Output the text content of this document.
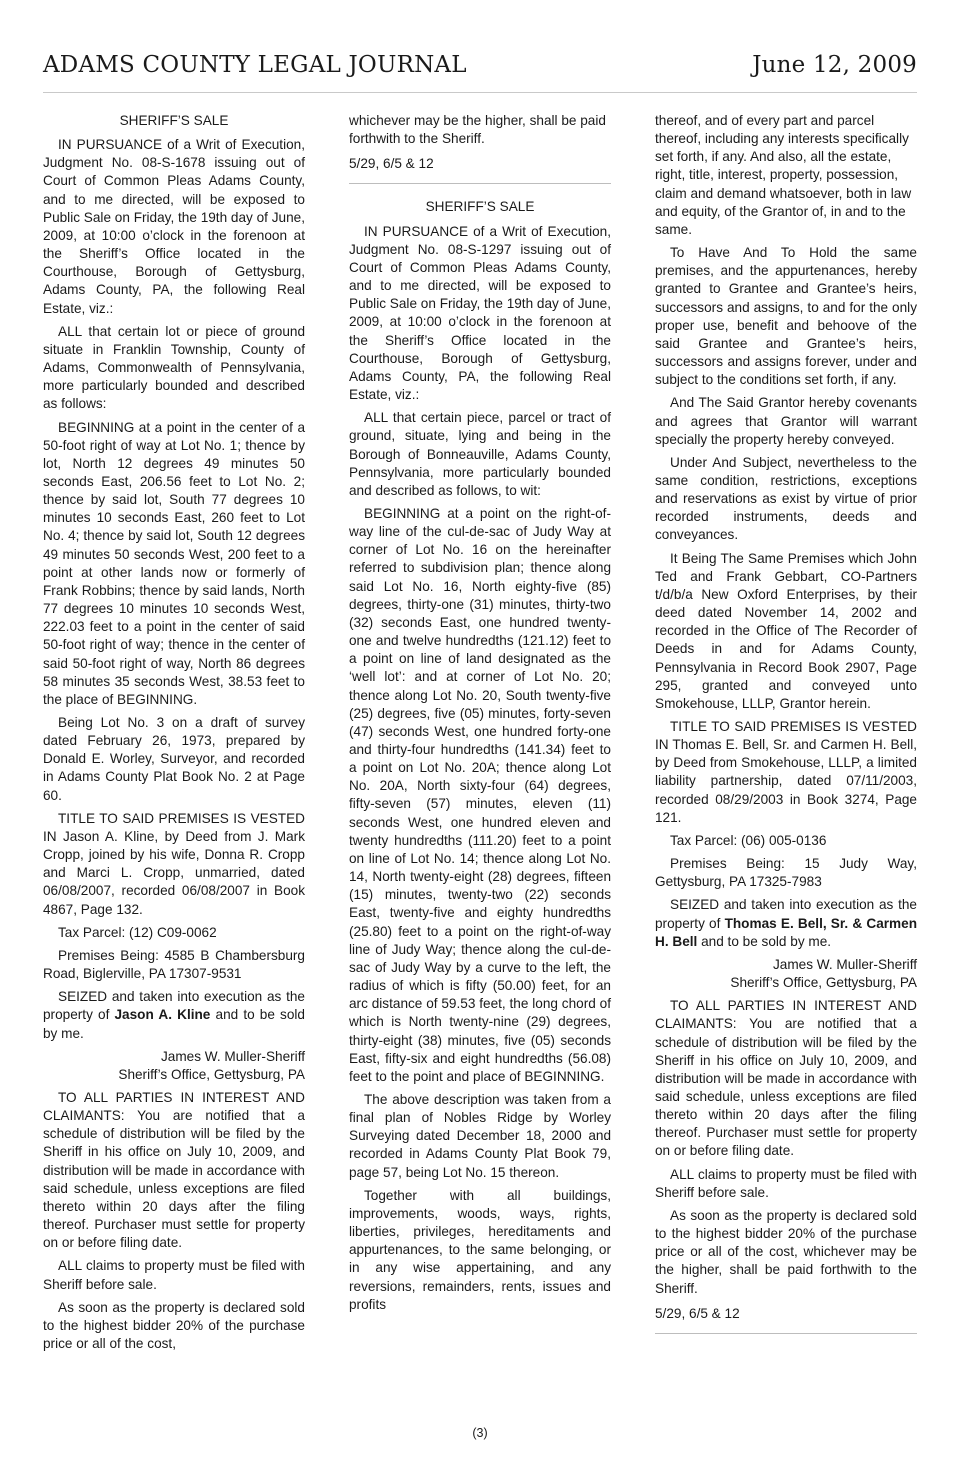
ADAMS COUNTY LEGAL JOURNAL	June 12, 2009

SHERIFF’S SALE

IN PURSUANCE of a Writ of Execution, Judgment No. 08-S-1678 issuing out of Court of Common Pleas Adams County, and to me directed, will be exposed to Public Sale on Friday, the 19th day of June, 2009, at 10:00 o’clock in the forenoon at the Sheriff’s Office located in the Courthouse, Borough of Gettysburg, Adams County, PA, the following Real Estate, viz.:

ALL that certain lot or piece of ground situate in Franklin Township, County of Adams, Commonwealth of Pennsylvania, more particularly bounded and described as follows:

BEGINNING at a point in the center of a 50-foot right of way at Lot No. 1; thence by lot, North 12 degrees 49 minutes 50 seconds East, 206.56 feet to Lot No. 2; thence by said lot, South 77 degrees 10 minutes 10 seconds East, 260 feet to Lot No. 4; thence by said lot, South 12 degrees 49 minutes 50 seconds West, 200 feet to a point at other lands now or formerly of Frank Robbins; thence by said lands, North 77 degrees 10 minutes 10 seconds West, 222.03 feet to a point in the center of said 50-foot right of way; thence in the center of said 50-foot right of way, North 86 degrees 58 minutes 35 seconds West, 38.53 feet to the place of BEGINNING.

Being Lot No. 3 on a draft of survey dated February 26, 1973, prepared by Donald E. Worley, Surveyor, and recorded in Adams County Plat Book No. 2 at Page 60.

TITLE TO SAID PREMISES IS VESTED IN Jason A. Kline, by Deed from J. Mark Cropp, joined by his wife, Donna R. Cropp and Marci L. Cropp, unmarried, dated 06/08/2007, recorded 06/08/2007 in Book 4867, Page 132.

Tax Parcel: (12) C09-0062

Premises Being: 4585 B Chambersburg Road, Biglerville, PA 17307-9531

SEIZED and taken into execution as the property of Jason A. Kline and to be sold by me.

James W. Muller-Sheriff

Sheriff’s Office, Gettysburg, PA

TO ALL PARTIES IN INTEREST AND CLAIMANTS: You are notified that a schedule of distribution will be filed by the Sheriff in his office on July 10, 2009, and distribution will be made in accordance with said schedule, unless exceptions are filed thereto within 20 days after the filing thereof. Purchaser must settle for property on or before filing date.

ALL claims to property must be filed with Sheriff before sale.

As soon as the property is declared sold to the highest bidder 20% of the purchase price or all of the cost,

whichever may be the higher, shall be paid forthwith to the Sheriff.

5/29, 6/5 & 12

SHERIFF’S SALE

IN PURSUANCE of a Writ of Execution, Judgment No. 08-S-1297 issuing out of Court of Common Pleas Adams County, and to me directed, will be exposed to Public Sale on Friday, the 19th day of June, 2009, at 10:00 o’clock in the forenoon at the Sheriff’s Office located in the Courthouse, Borough of Gettysburg, Adams County, PA, the following Real Estate, viz.:

ALL that certain piece, parcel or tract of ground, situate, lying and being in the Borough of Bonneauville, Adams County, Pennsylvania, more particularly bounded and described as follows, to wit:

BEGINNING at a point on the right-of-way line of the cul-de-sac of Judy Way at corner of Lot No. 16 on the hereinafter referred to subdivision plan; thence along said Lot No. 16, North eighty-five (85) degrees, thirty-one (31) minutes, thirty-two (32) seconds East, one hundred twenty-one and twelve hundredths (121.12) feet to a point on line of land designated as the ‘well lot’: and at corner of Lot No. 20; thence along Lot No. 20, South twenty-five (25) degrees, five (05) minutes, forty-seven (47) seconds West, one hundred forty-one and thirty-four hundredths (141.34) feet to a point on Lot No. 20A; thence along Lot No. 20A, North sixty-four (64) degrees, fifty-seven (57) minutes, eleven (11) seconds West, one hundred eleven and twenty hundredths (111.20) feet to a point on line of Lot No. 14; thence along Lot No. 14, North twenty-eight (28) degrees, fifteen (15) minutes, twenty-two (22) seconds East, twenty-five and eighty hundredths (25.80) feet to a point on the right-of-way line of Judy Way; thence along the cul-de-sac of Judy Way by a curve to the left, the radius of which is fifty (50.00) feet, for an arc distance of 59.53 feet, the long chord of which is North twenty-nine (29) degrees, thirty-eight (38) minutes, five (05) seconds East, fifty-six and eight hundredths (56.08) feet to the point and place of BEGINNING.

The above description was taken from a final plan of Nobles Ridge by Worley Surveying dated December 18, 2000 and recorded in Adams County Plat Book 79, page 57, being Lot No. 15 thereon.

Together with all buildings, improvements, woods, ways, rights, liberties, privileges, hereditaments and appurtenances, to the same belonging, or in any wise appertaining, and any reversions, remainders, rents, issues and profits

thereof, and of every part and parcel thereof, including any interests specifically set forth, if any. And also, all the estate, right, title, interest, property, possession, claim and demand whatsoever, both in law and equity, of the Grantor of, in and to the same.

To Have And To Hold the same premises, and the appurtenances, hereby granted to Grantee and Grantee’s heirs, successors and assigns, to and for the only proper use, benefit and behoove of the said Grantee and Grantee’s heirs, successors and assigns forever, under and subject to the conditions set forth, if any.

And The Said Grantor hereby covenants and agrees that Grantor will warrant specially the property hereby conveyed.

Under And Subject, nevertheless to the same condition, restrictions, exceptions and reservations as exist by virtue of prior recorded instruments, deeds and conveyances.

It Being The Same Premises which John Ted and Frank Gebbart, CO-Partners t/d/b/a New Oxford Enterprises, by their deed dated November 14, 2002 and recorded in the Office of The Recorder of Deeds in and for Adams County, Pennsylvania in Record Book 2907, Page 295, granted and conveyed unto Smokehouse, LLLP, Grantor herein.

TITLE TO SAID PREMISES IS VESTED IN Thomas E. Bell, Sr. and Carmen H. Bell, by Deed from Smokehouse, LLLP, a limited liability partnership, dated 07/11/2003, recorded 08/29/2003 in Book 3274, Page 121.

Tax Parcel: (06) 005-0136

Premises Being: 15 Judy Way, Gettysburg, PA 17325-7983

SEIZED and taken into execution as the property of Thomas E. Bell, Sr. & Carmen H. Bell and to be sold by me.

James W. Muller-Sheriff

Sheriff’s Office, Gettysburg, PA

TO ALL PARTIES IN INTEREST AND CLAIMANTS: You are notified that a schedule of distribution will be filed by the Sheriff in his office on July 10, 2009, and distribution will be made in accordance with said schedule, unless exceptions are filed thereto within 20 days after the filing thereof. Purchaser must settle for property on or before filing date.

ALL claims to property must be filed with Sheriff before sale.

As soon as the property is declared sold to the highest bidder 20% of the purchase price or all of the cost, whichever may be the higher, shall be paid forthwith to the Sheriff.

5/29, 6/5 & 12

(3)
